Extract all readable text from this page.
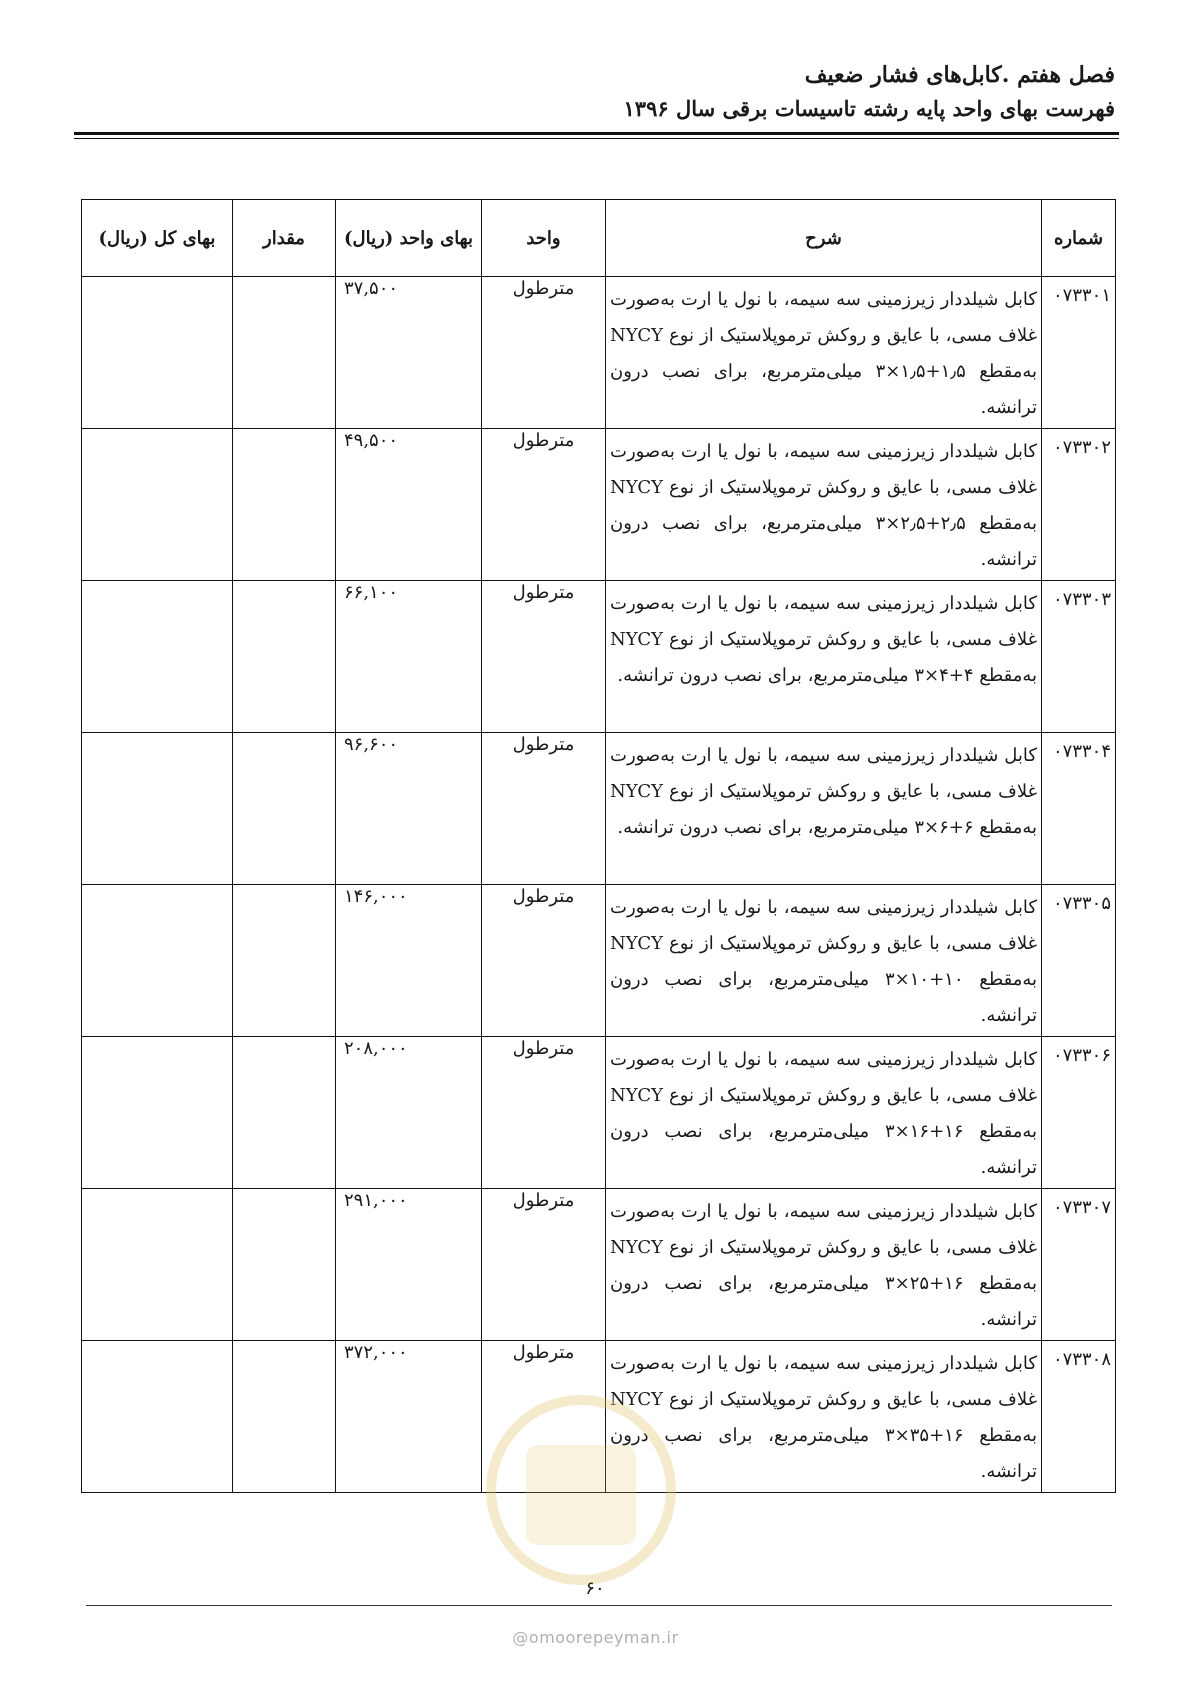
فصل هفتم .کابل‌های فشار ضعیف
فهرست بهای واحد پایه رشته تاسیسات برقی سال ۱۳۹۶
شماره	شرح	واحد	بهای واحد (ریال)	مقدار	بهای کل (ریال)
۰۷۳۳۰۱	کابل شیلددار زیرزمینی سه سیمه، با نول یا ارت به‌صورت غلاف مسی، با عایق و روکش ترموپلاستیک از نوع NYCY به‌مقطع ۱٫۵+۱٫۵×۳ میلی‌مترمربع، برای نصب درون ترانشه.	مترطول	۳۷,۵۰۰		
۰۷۳۳۰۲	کابل شیلددار زیرزمینی سه سیمه، با نول یا ارت به‌صورت غلاف مسی، با عایق و روکش ترموپلاستیک از نوع NYCY به‌مقطع ۲٫۵+۲٫۵×۳ میلی‌مترمربع، برای نصب درون ترانشه.	مترطول	۴۹,۵۰۰		
۰۷۳۳۰۳	کابل شیلددار زیرزمینی سه سیمه، با نول یا ارت به‌صورت غلاف مسی، با عایق و روکش ترموپلاستیک از نوع NYCY به‌مقطع ۴+۴×۳ میلی‌مترمربع، برای نصب درون ترانشه.	مترطول	۶۶,۱۰۰		
۰۷۳۳۰۴	کابل شیلددار زیرزمینی سه سیمه، با نول یا ارت به‌صورت غلاف مسی، با عایق و روکش ترموپلاستیک از نوع NYCY به‌مقطع ۶+۶×۳ میلی‌مترمربع، برای نصب درون ترانشه.	مترطول	۹۶,۶۰۰		
۰۷۳۳۰۵	کابل شیلددار زیرزمینی سه سیمه، با نول یا ارت به‌صورت غلاف مسی، با عایق و روکش ترموپلاستیک از نوع NYCY به‌مقطع ۱۰+۱۰×۳ میلی‌مترمربع، برای نصب درون ترانشه.	مترطول	۱۴۶,۰۰۰		
۰۷۳۳۰۶	کابل شیلددار زیرزمینی سه سیمه، با نول یا ارت به‌صورت غلاف مسی، با عایق و روکش ترموپلاستیک از نوع NYCY به‌مقطع ۱۶+۱۶×۳ میلی‌مترمربع، برای نصب درون ترانشه.	مترطول	۲۰۸,۰۰۰		
۰۷۳۳۰۷	کابل شیلددار زیرزمینی سه سیمه، با نول یا ارت به‌صورت غلاف مسی، با عایق و روکش ترموپلاستیک از نوع NYCY به‌مقطع ۱۶+۲۵×۳ میلی‌مترمربع، برای نصب درون ترانشه.	مترطول	۲۹۱,۰۰۰		
۰۷۳۳۰۸	کابل شیلددار زیرزمینی سه سیمه، با نول یا ارت به‌صورت غلاف مسی، با عایق و روکش ترموپلاستیک از نوع NYCY به‌مقطع ۱۶+۳۵×۳ میلی‌مترمربع، برای نصب درون ترانشه.	مترطول	۳۷۲,۰۰۰		
۶۰
@omoorepeyman.ir
